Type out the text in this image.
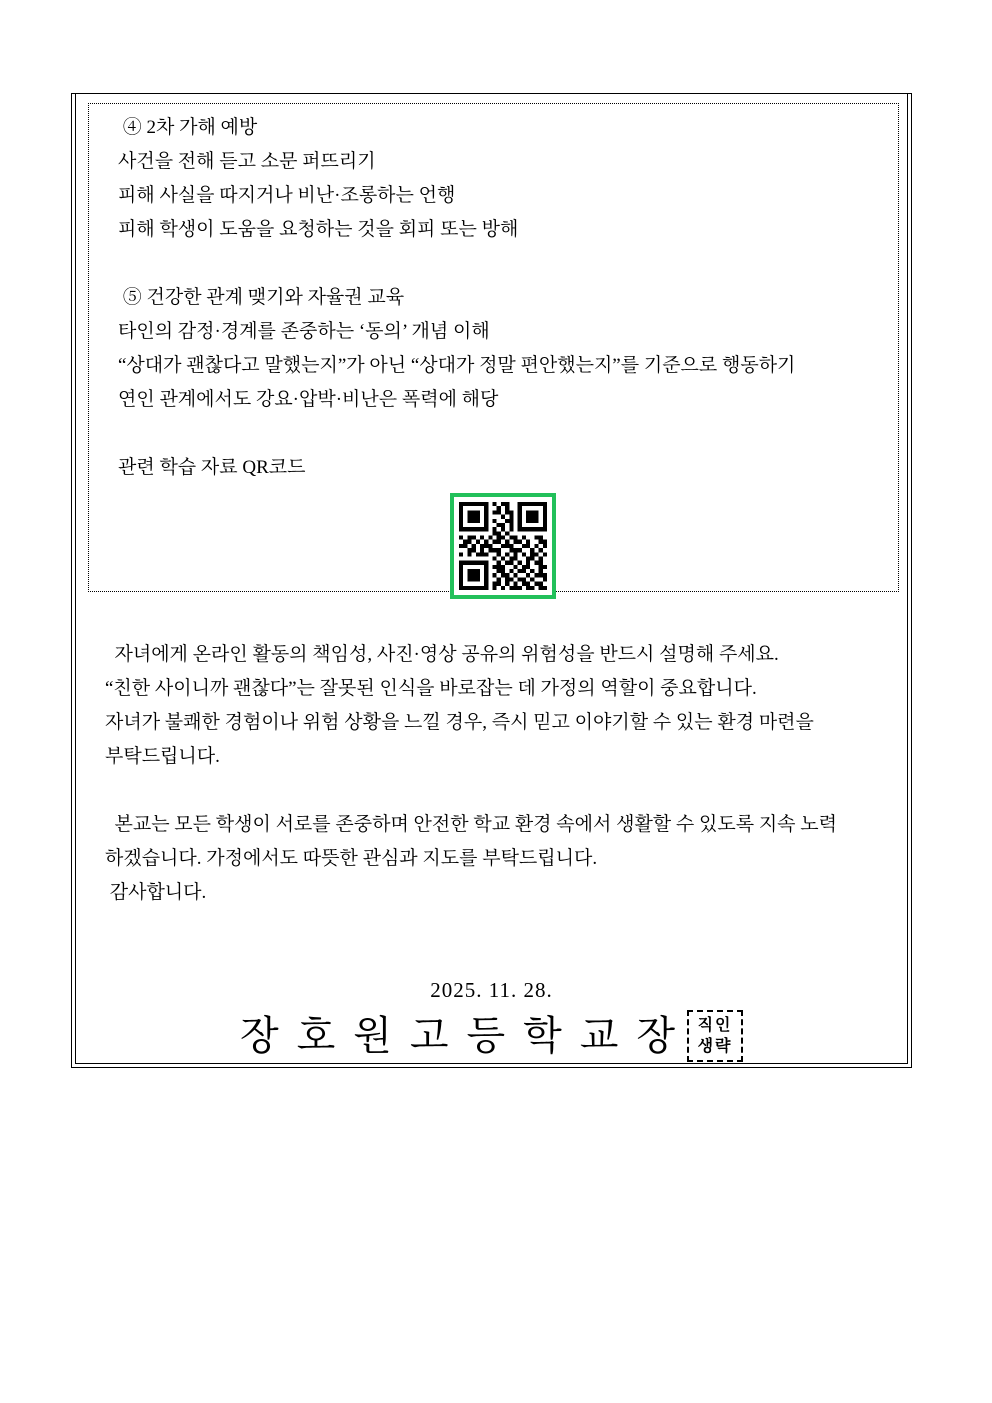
④ 2차 가해 예방
사건을 전해 듣고 소문 퍼뜨리기
피해 사실을 따지거나 비난·조롱하는 언행
피해 학생이 도움을 요청하는 것을 회피 또는 방해
⑤ 건강한 관계 맺기와 자율권 교육
타인의 감정·경계를 존중하는 ‘동의’ 개념 이해
“상대가 괜찮다고 말했는지”가 아닌 “상대가 정말 편안했는지”를 기준으로 행동하기
연인 관계에서도 강요·압박·비난은 폭력에 해당
관련 학습 자료 QR코드
자녀에게 온라인 활동의 책임성, 사진·영상 공유의 위험성을 반드시 설명해 주세요.
“친한 사이니까 괜찮다”는 잘못된 인식을 바로잡는 데 가정의 역할이 중요합니다.
자녀가 불쾌한 경험이나 위험 상황을 느낄 경우, 즉시 믿고 이야기할 수 있는 환경 마련을
부탁드립니다.
본교는 모든 학생이 서로를 존중하며 안전한 학교 환경 속에서 생활할 수 있도록 지속 노력
하겠습니다. 가정에서도 따뜻한 관심과 지도를 부탁드립니다.
감사합니다.
2025. 11. 28.
장 호 원 고 등 학 교 장 직인
생략
